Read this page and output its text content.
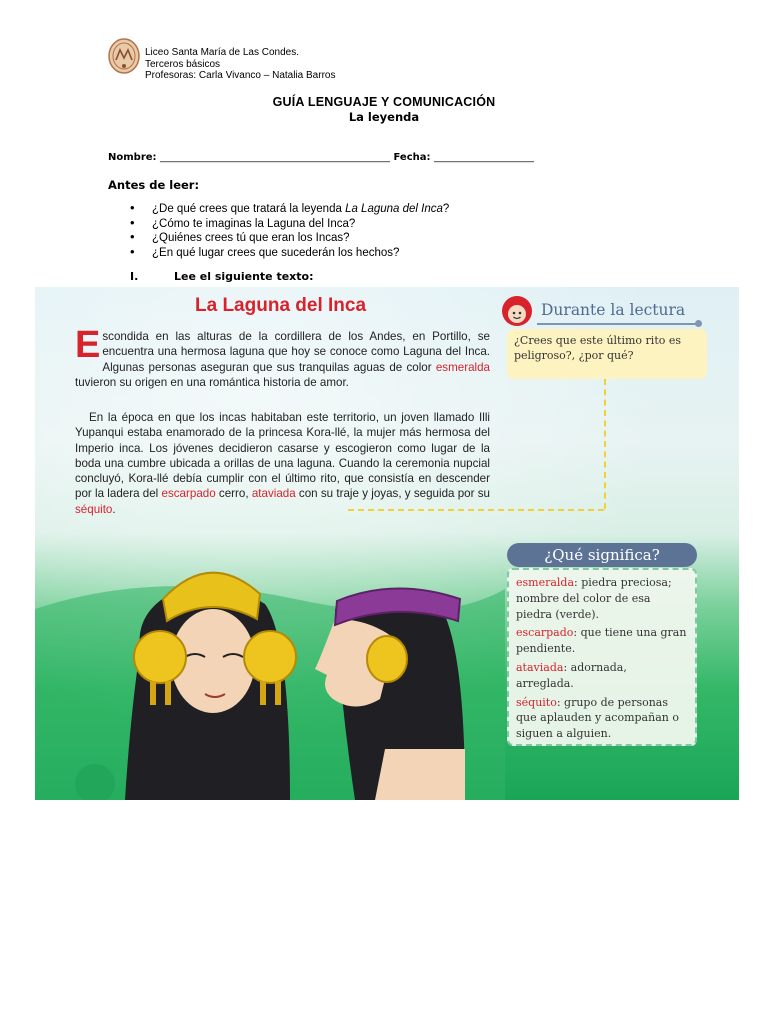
Liceo Santa María de Las Condes.
Terceros básicos
Profesoras: Carla Vivanco – Natalia Barros
GUÍA LENGUAJE Y COMUNICACIÓN
La leyenda
Nombre: ______________________________________________ Fecha: ____________________
Antes de leer:
• ¿De qué crees que tratará la leyenda La Laguna del Inca?
• ¿Cómo te imaginas la Laguna del Inca?
• ¿Quiénes crees tú que eran los Incas?
• ¿En qué lugar crees que sucederán los hechos?
I.	Lee el siguiente texto:
La Laguna del Inca
Escondida en las alturas de la cordillera de los Andes, en Portillo, se encuentra una hermosa laguna que hoy se conoce como Laguna del Inca. Algunas personas aseguran que sus tranquilas aguas de color esmeralda tuvieron su origen en una romántica historia de amor.
En la época en que los incas habitaban este territorio, un joven llamado Illi Yupanqui estaba enamorado de la princesa Kora-llé, la mujer más hermosa del Imperio inca. Los jóvenes decidieron casarse y escogieron como lugar de la boda una cumbre ubicada a orillas de una laguna. Cuando la ceremonia nupcial concluyó, Kora-llé debía cumplir con el último rito, que consistía en descender por la ladera del escarpado cerro, ataviada con su traje y joyas, y seguida por su séquito.
Durante la lectura
¿Crees que este último rito es peligroso?, ¿por qué?
¿Qué significa?

esmeralda: piedra preciosa; nombre del color de esa piedra (verde).

escarpado: que tiene una gran pendiente.

ataviada: adornada, arreglada.

séquito: grupo de personas que aplauden y acompañan o siguen a alguien.
